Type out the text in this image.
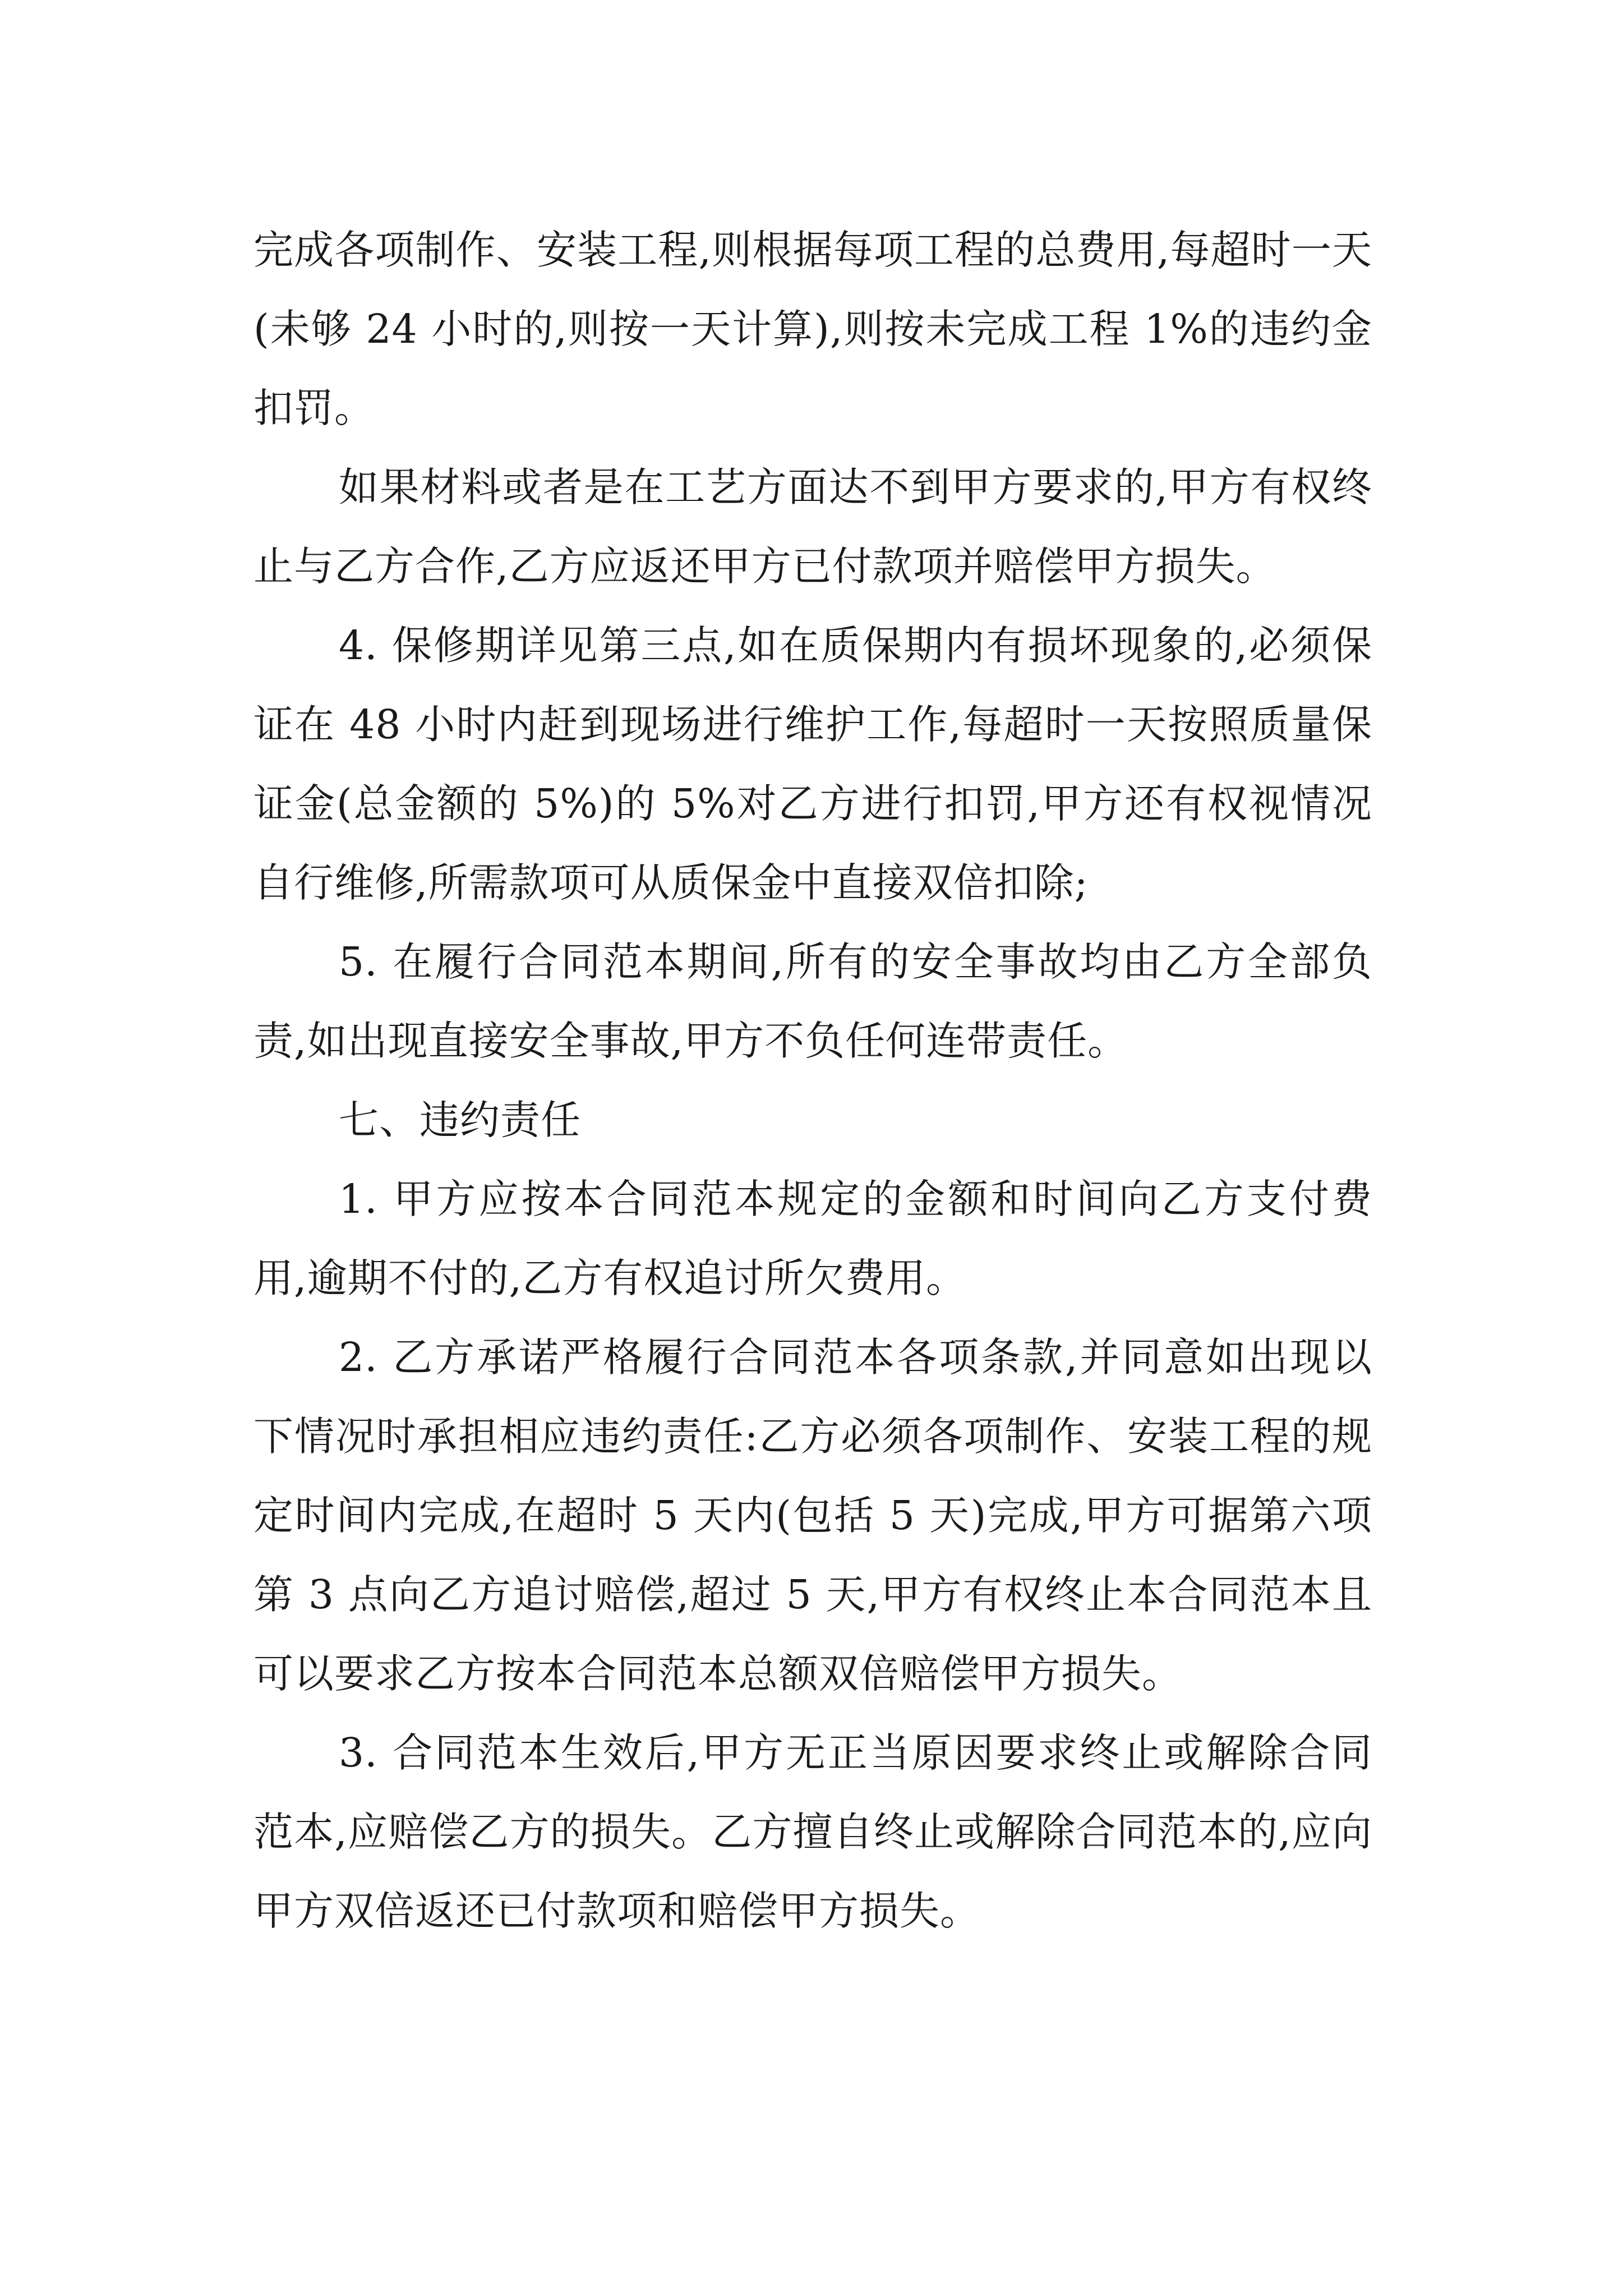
完成各项制作、安装工程,则根据每项工程的总费用,每超时一天(未够 24 小时的,则按一天计算),则按未完成工程 1%的违约金扣罚。

如果材料或者是在工艺方面达不到甲方要求的,甲方有权终止与乙方合作,乙方应返还甲方已付款项并赔偿甲方损失。

4. 保修期详见第三点,如在质保期内有损坏现象的,必须保证在 48 小时内赶到现场进行维护工作,每超时一天按照质量保证金(总金额的 5%)的 5%对乙方进行扣罚,甲方还有权视情况自行维修,所需款项可从质保金中直接双倍扣除;

5. 在履行合同范本期间,所有的安全事故均由乙方全部负责,如出现直接安全事故,甲方不负任何连带责任。

七、违约责任

1. 甲方应按本合同范本规定的金额和时间向乙方支付费用,逾期不付的,乙方有权追讨所欠费用。

2. 乙方承诺严格履行合同范本各项条款,并同意如出现以下情况时承担相应违约责任:乙方必须各项制作、安装工程的规定时间内完成,在超时 5 天内(包括 5 天)完成,甲方可据第六项第 3 点向乙方追讨赔偿,超过 5 天,甲方有权终止本合同范本且可以要求乙方按本合同范本总额双倍赔偿甲方损失。

3. 合同范本生效后,甲方无正当原因要求终止或解除合同范本,应赔偿乙方的损失。乙方擅自终止或解除合同范本的,应向甲方双倍返还已付款项和赔偿甲方损失。
